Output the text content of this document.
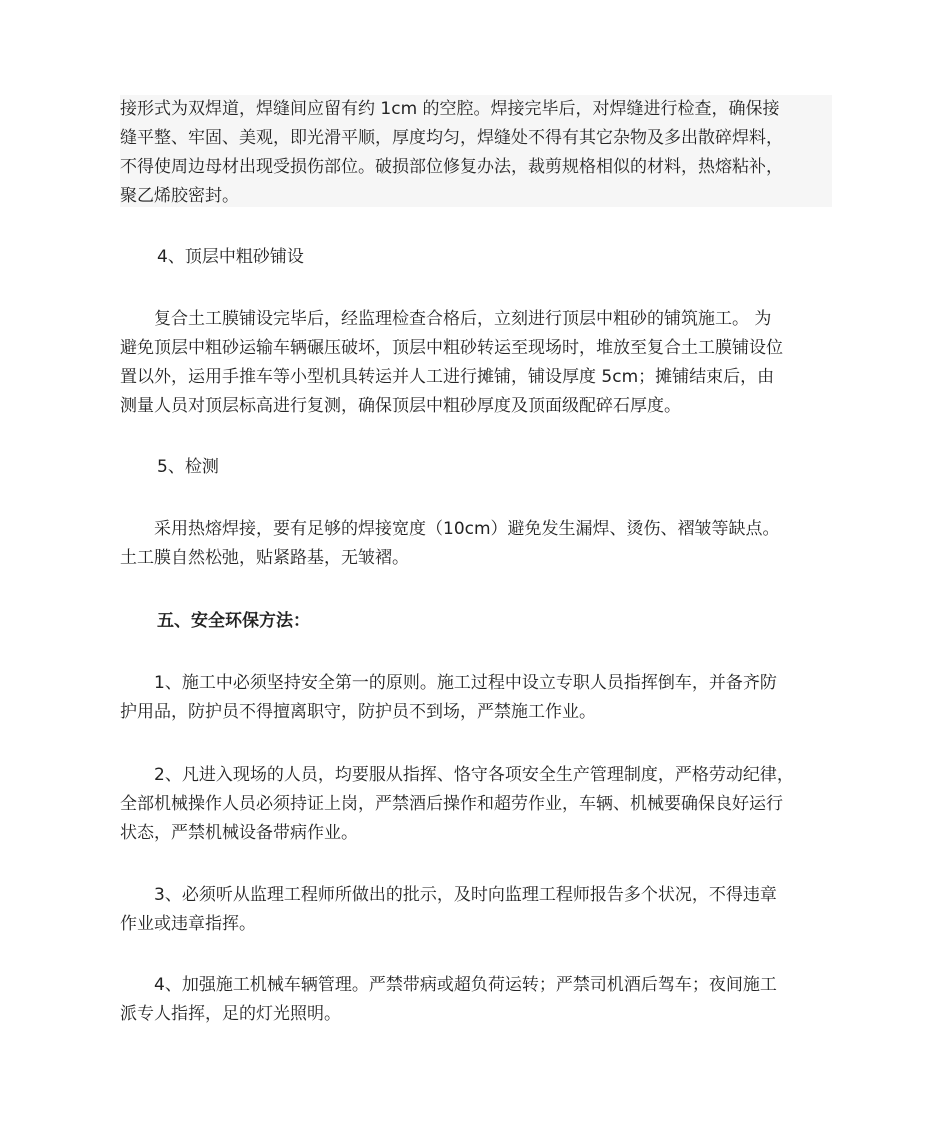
接形式为双焊道，焊缝间应留有约 1cm 的空腔。焊接完毕后，对焊缝进行检查，确保接

缝平整、牢固、美观，即光滑平顺，厚度均匀，焊缝处不得有其它杂物及多出散碎焊料，

不得使周边母材出现受损伤部位。破损部位修复办法，裁剪规格相似的材料，热熔粘补，

聚乙烯胶密封。

4、顶层中粗砂铺设

　　复合土工膜铺设完毕后，经监理检查合格后，立刻进行顶层中粗砂的铺筑施工。 为

避免顶层中粗砂运输车辆碾压破坏，顶层中粗砂转运至现场时，堆放至复合土工膜铺设位

置以外，运用手推车等小型机具转运并人工进行摊铺，铺设厚度 5cm；摊铺结束后，由

测量人员对顶层标高进行复测，确保顶层中粗砂厚度及顶面级配碎石厚度。

5、检测

　　采用热熔焊接，要有足够的焊接宽度（10cm）避免发生漏焊、烫伤、褶皱等缺点。

土工膜自然松弛，贴紧路基，无皱褶。

五、安全环保方法：

　　1、施工中必须坚持安全第一的原则。施工过程中设立专职人员指挥倒车，并备齐防

护用品，防护员不得擅离职守，防护员不到场，严禁施工作业。

　　2、凡进入现场的人员，均要服从指挥、恪守各项安全生产管理制度，严格劳动纪律，

全部机械操作人员必须持证上岗，严禁酒后操作和超劳作业，车辆、机械要确保良好运行

状态，严禁机械设备带病作业。

　　3、必须听从监理工程师所做出的批示，及时向监理工程师报告多个状况，不得违章

作业或违章指挥。

　　4、加强施工机械车辆管理。严禁带病或超负荷运转；严禁司机酒后驾车；夜间施工

派专人指挥，足的灯光照明。
